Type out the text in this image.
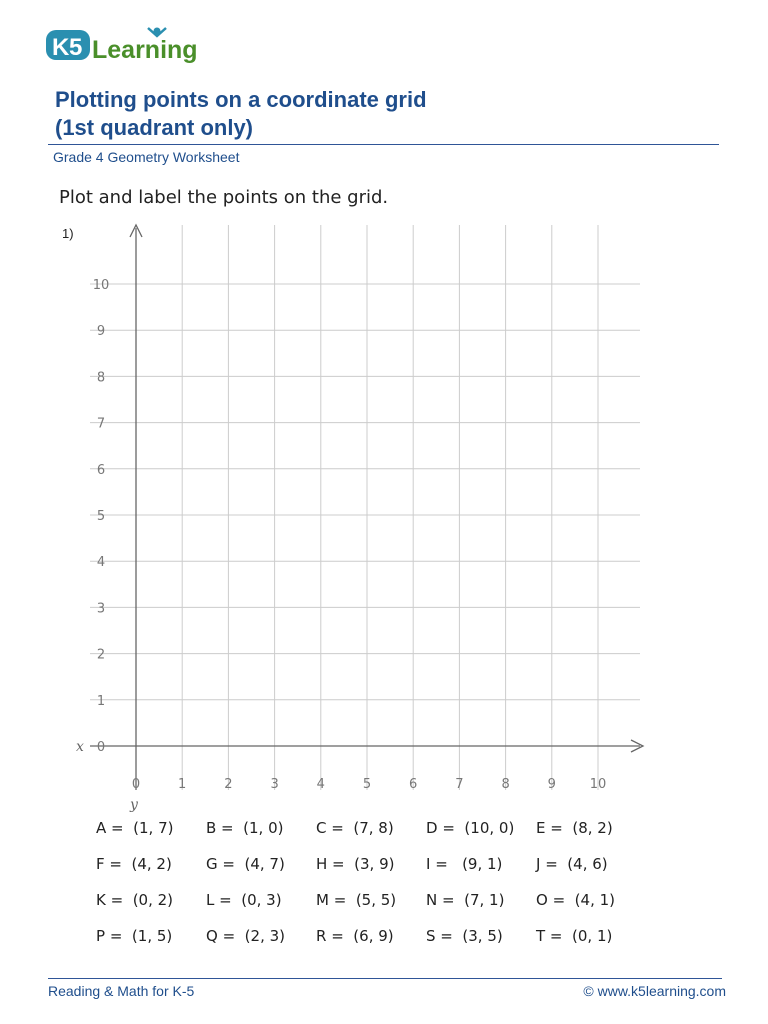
K 5 Learning
Plotting points on a coordinate grid
(1st quadrant only)
Grade 4 Geometry Worksheet
Plot and label the points on the grid.
1)
0
1
2
3
4
5
6
7
8
9
10
0	1	2	3	4	5	6	7	8	9	10
x
y
A =  (1, 7)	B =  (1, 0)	C =  (7, 8)	D =  (10, 0)	E =  (8, 2)
F =  (4, 2)	G =  (4, 7)	H =  (3, 9)	I =   (9, 1)	J =  (4, 6)
K =  (0, 2)	L =  (0, 3)	M =  (5, 5)	N =  (7, 1)	O =  (4, 1)
P =  (1, 5)	Q =  (2, 3)	R =  (6, 9)	S =  (3, 5)	T =  (0, 1)
Reading & Math for K-5	© www.k5learning.com
